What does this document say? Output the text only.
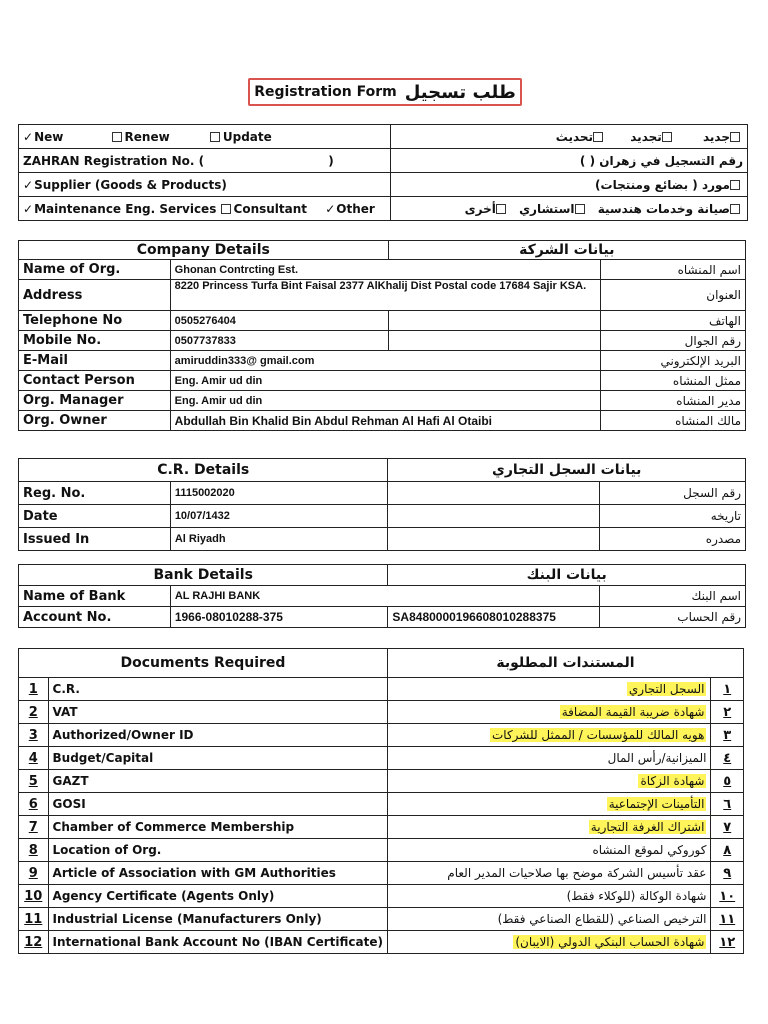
Registration Form طلب تسجيل
✓New Renew Update	جديد تجديد تحديث
ZAHRAN Registration No. ( )	رقم التسجيل في زهران ( )
✓Supplier (Goods & Products)	مورد ( بضائع ومنتجات)
✓Maintenance Eng. Services Consultant ✓Other	صيانة وخدمات هندسية استشاري أخرى
Company Details		بيانات الشركة	
Name of Org.	Ghonan Contrcting Est.		اسم المنشاه
Address	8220 Princess Turfa Bint Faisal 2377 AlKhalij Dist Postal code 17684 Sajir KSA.		العنوان
Telephone No	0505276404		الهاتف
Mobile No.	0507737833		رقم الجوال
E-Mail	amiruddin333@ gmail.com		البريد الإلكتروني
Contact Person	Eng. Amir ud din		ممثل المنشاه
Org. Manager	Eng. Amir ud din		مدير المنشاه
Org. Owner	Abdullah Bin Khalid Bin Abdul Rehman Al Hafi Al Otaibi		مالك المنشاه
C.R. Details		بيانات السجل التجاري	
Reg. No.	1115002020		رقم السجل
Date	10/07/1432		تاريخه
Issued In	Al Riyadh		مصدره
Bank Details		بيانات البنك	
Name of Bank	AL RAJHI BANK		اسم البنك
Account No.	1966-08010288-375	SA8480000196608010288375	رقم الحساب
Documents Required		المستندات المطلوبة	
1	C.R.	السجل التجاري	١
2	VAT	شهادة ضريبة القيمة المضافة	٢
3	Authorized/Owner ID	هويه المالك للمؤسسات / الممثل للشركات	٣
4	Budget/Capital	الميزانية/رأس المال	٤
5	GAZT	شهادة الزكاة	٥
6	GOSI	التأمينات الإجتماعية	٦
7	Chamber of Commerce Membership	اشتراك الغرفة التجارية	٧
8	Location of Org.	كوروكي لموقع المنشاه	٨
9	Article of Association with GM Authorities	عقد تأسيس الشركة موضح بها صلاحيات المدير العام	٩
10	Agency Certificate (Agents Only)	شهادة الوكالة (للوكلاء فقط)	١٠
11	Industrial License (Manufacturers Only)	الترخيص الصناعي (للقطاع الصناعي فقط)	١١
12	International Bank Account No (IBAN Certificate)	شهادة الحساب البنكي الدولي (الايبان)	١٢
